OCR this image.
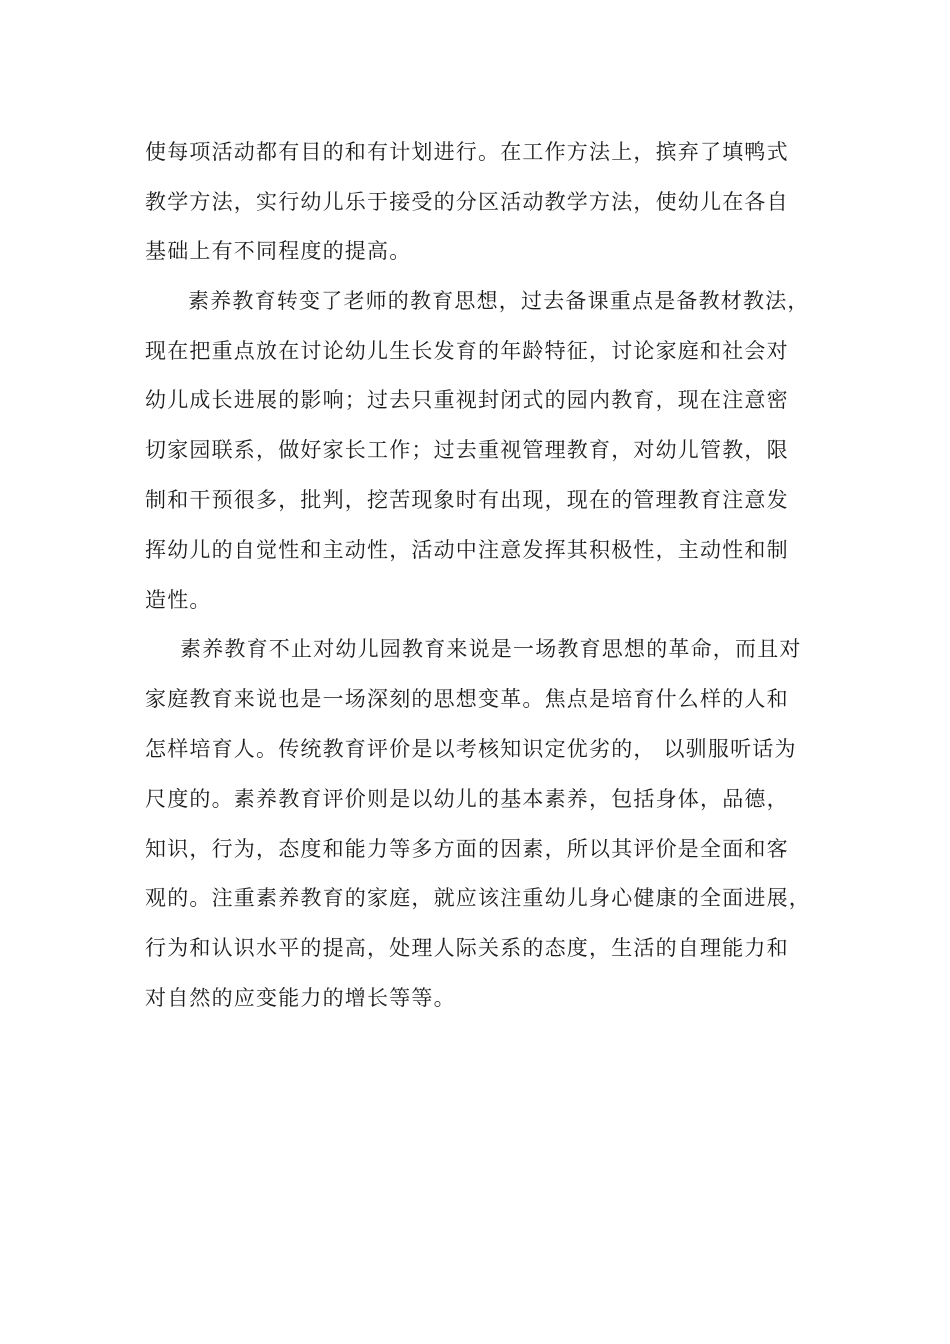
使每项活动都有目的和有计划进行。在工作方法上，摈弃了填鸭式
教学方法，实行幼儿乐于接受的分区活动教学方法，使幼儿在各自
基础上有不同程度的提高。
素养教育转变了老师的教育思想，过去备课重点是备教材教法，
现在把重点放在讨论幼儿生长发育的年龄特征，讨论家庭和社会对
幼儿成长进展的影响；过去只重视封闭式的园内教育，现在注意密
切家园联系，做好家长工作；过去重视管理教育，对幼儿管教，限
制和干预很多，批判，挖苦现象时有出现，现在的管理教育注意发
挥幼儿的自觉性和主动性，活动中注意发挥其积极性，主动性和制
造性。
素养教育不止对幼儿园教育来说是一场教育思想的革命，而且对
家庭教育来说也是一场深刻的思想变革。焦点是培育什么样的人和
怎样培育人。传统教育评价是以考核知识定优劣的， 以驯服听话为
尺度的。素养教育评价则是以幼儿的基本素养，包括身体，品德，
知识，行为，态度和能力等多方面的因素，所以其评价是全面和客
观的。注重素养教育的家庭，就应该注重幼儿身心健康的全面进展，
行为和认识水平的提高，处理人际关系的态度，生活的自理能力和
对自然的应变能力的增长等等。
